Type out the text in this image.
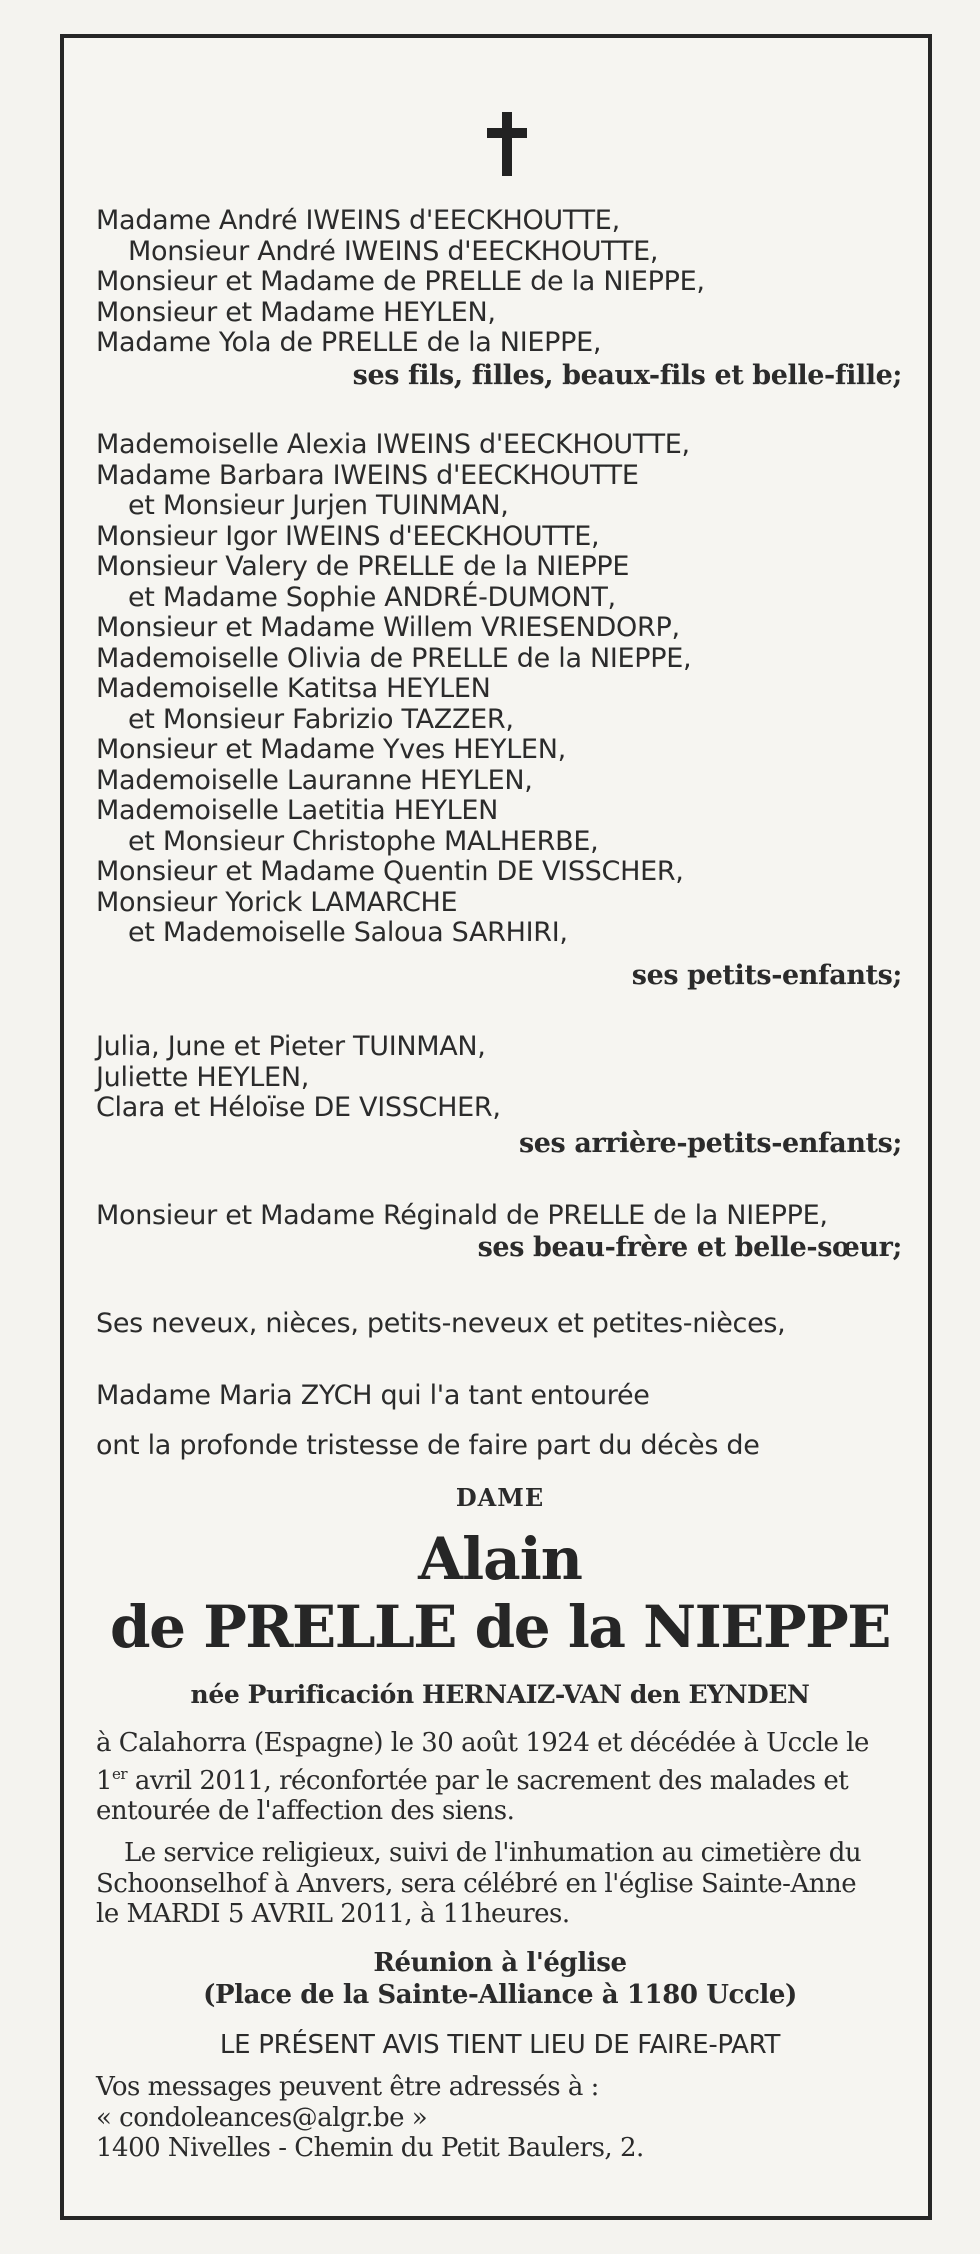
Madame André IWEINS d'EECKHOUTTE,
Monsieur André IWEINS d'EECKHOUTTE,
Monsieur et Madame de PRELLE de la NIEPPE,
Monsieur et Madame HEYLEN,
Madame Yola de PRELLE de la NIEPPE,
ses fils, filles, beaux-fils et belle-fille;
Mademoiselle Alexia IWEINS d'EECKHOUTTE,
Madame Barbara IWEINS d'EECKHOUTTE
et Monsieur Jurjen TUINMAN,
Monsieur Igor IWEINS d'EECKHOUTTE,
Monsieur Valery de PRELLE de la NIEPPE
et Madame Sophie ANDRÉ-DUMONT,
Monsieur et Madame Willem VRIESENDORP,
Mademoiselle Olivia de PRELLE de la NIEPPE,
Mademoiselle Katitsa HEYLEN
et Monsieur Fabrizio TAZZER,
Monsieur et Madame Yves HEYLEN,
Mademoiselle Lauranne HEYLEN,
Mademoiselle Laetitia HEYLEN
et Monsieur Christophe MALHERBE,
Monsieur et Madame Quentin DE VISSCHER,
Monsieur Yorick LAMARCHE
et Mademoiselle Saloua SARHIRI,
ses petits-enfants;
Julia, June et Pieter TUINMAN,
Juliette HEYLEN,
Clara et Héloïse DE VISSCHER,
ses arrière-petits-enfants;
Monsieur et Madame Réginald de PRELLE de la NIEPPE,
ses beau-frère et belle-sœur;
Ses neveux, nièces, petits-neveux et petites-nièces,
Madame Maria ZYCH qui l'a tant entourée
ont la profonde tristesse de faire part du décès de
DAME
Alain
de PRELLE de la NIEPPE
née Purificación HERNAIZ-VAN den EYNDEN
à Calahorra (Espagne) le 30 août 1924 et décédée à Uccle le
1er avril 2011, réconfortée par le sacrement des malades et
entourée de l'affection des siens.
Le service religieux, suivi de l'inhumation au cimetière du
Schoonselhof à Anvers, sera célébré en l'église Sainte-Anne
le MARDI 5 AVRIL 2011, à 11heures.
Réunion à l'église
(Place de la Sainte-Alliance à 1180 Uccle)
LE PRÉSENT AVIS TIENT LIEU DE FAIRE-PART
Vos messages peuvent être adressés à :
« condoleances@algr.be »
1400 Nivelles - Chemin du Petit Baulers, 2.
